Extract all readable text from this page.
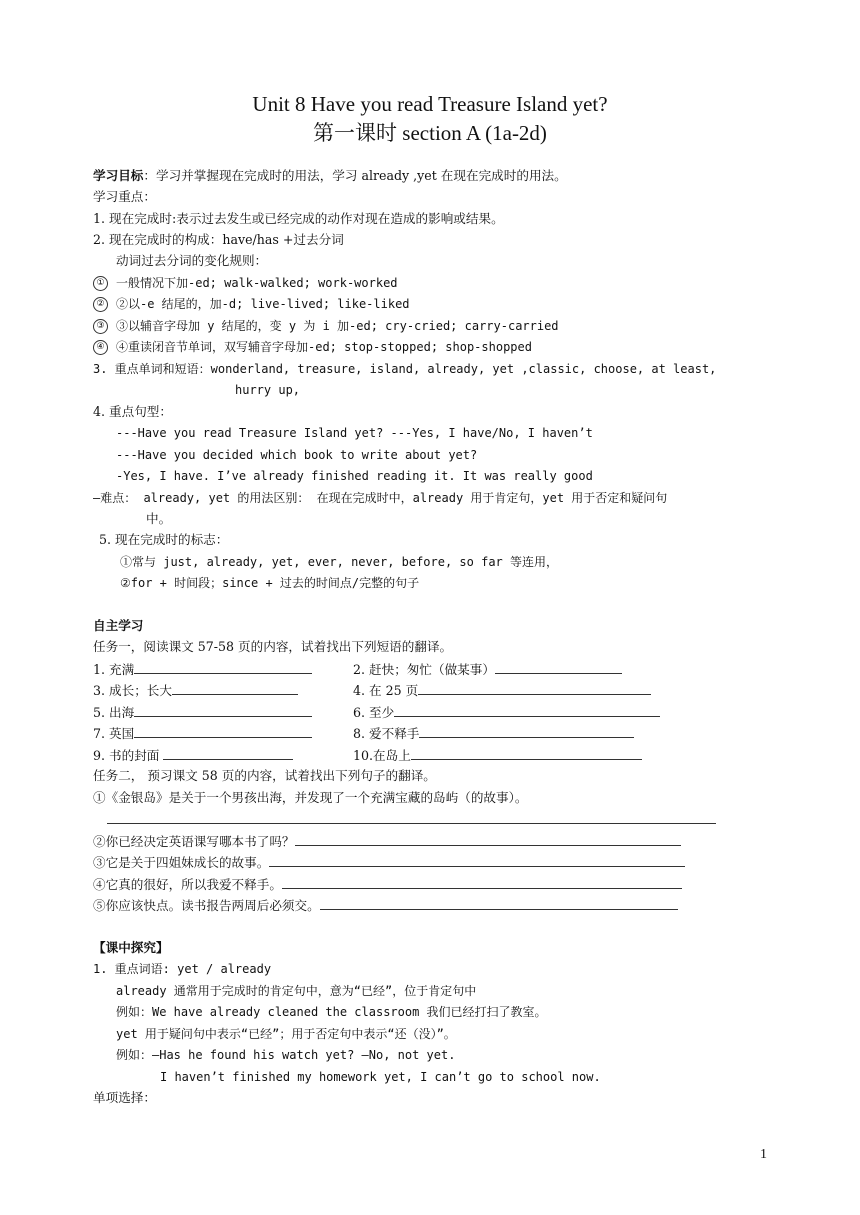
Unit 8 Have you read Treasure Island yet?
第一课时 section A (1a-2d)
学习目标：学习并掌握现在完成时的用法，学习 already ,yet 在现在完成时的用法。
学习重点：
1. 现在完成时:表示过去发生或已经完成的动作对现在造成的影响或结果。
2. 现在完成时的构成：have/has +过去分词
动词过去分词的变化规则：
① 一般情况下加-ed; walk-walked; work-worked
② ②以-e 结尾的，加-d; live-lived; like-liked
③ ③以辅音字母加 y 结尾的，变 y 为 i 加-ed; cry-cried; carry-carried
④ ④重读闭音节单词，双写辅音字母加-ed; stop-stopped; shop-shopped
3. 重点单词和短语：wonderland, treasure, island, already, yet ,classic, choose, at least,
hurry up,
4. 重点句型：
---Have you read Treasure Island yet? ---Yes, I have/No, I haven’t
---Have you decided which book to write about yet?
-Yes, I have. I’ve already finished reading it. It was really good
—难点： already, yet 的用法区别： 在现在完成时中，already 用于肯定句，yet 用于否定和疑问句
中。
5. 现在完成时的标志：
①常与 just, already, yet, ever, never, before, so far 等连用，
②for + 时间段；since + 过去的时间点/完整的句子
自主学习
任务一，阅读课文 57-58 页的内容，试着找出下列短语的翻译。
1. 充满	2. 赶快；匆忙（做某事）
3. 成长；长大	4. 在 25 页
5. 出海	6. 至少
7. 英国	8. 爱不释手
9. 书的封面	10.在岛上
任务二， 预习课文 58 页的内容，试着找出下列句子的翻译。
①《金银岛》是关于一个男孩出海，并发现了一个充满宝藏的岛屿（的故事）。
②你已经决定英语课写哪本书了吗？
③它是关于四姐妹成长的故事。
④它真的很好，所以我爱不释手。
⑤你应该快点。读书报告两周后必须交。
【课中探究】
1. 重点词语: yet / already
already 通常用于完成时的肯定句中，意为“已经”，位于肯定句中
例如：We have already cleaned the classroom 我们已经打扫了教室。
yet 用于疑问句中表示“已经”；用于否定句中表示“还（没）”。
例如：—Has he found his watch yet? —No, not yet.
I haven’t finished my homework yet, I can’t go to school now.
单项选择：
1
